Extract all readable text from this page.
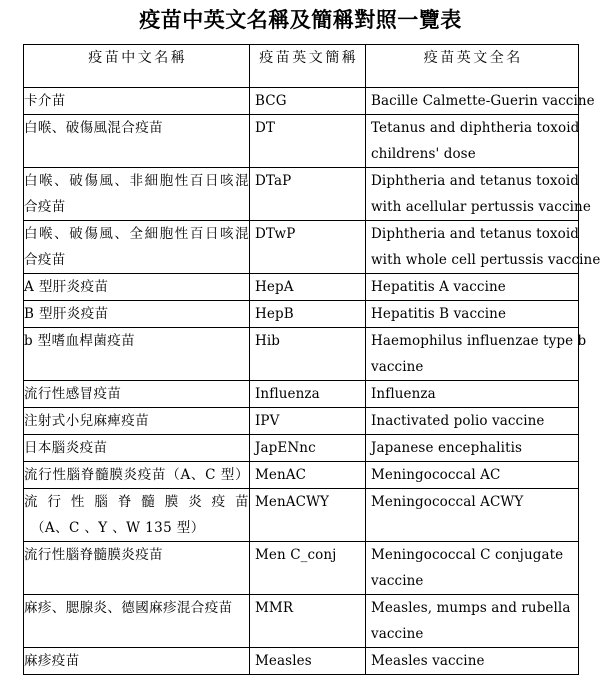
疫苗中英文名稱及簡稱對照一覽表
疫苗中文名稱	疫苗英文簡稱	疫苗英文全名

卡介苗	BCG	Bacille Calmette-Guerin vaccine

白喉、破傷風混合疫苗	DT	Tetanus and diphtheria toxoid
childrens' dose

白喉、破傷風、非細胞性百日咳混
合疫苗	DTaP	Diphtheria and tetanus toxoid
with acellular pertussis vaccine

白喉、破傷風、全細胞性百日咳混
合疫苗	DTwP	Diphtheria and tetanus toxoid
with whole cell pertussis vaccine

A 型肝炎疫苗	HepA	Hepatitis A vaccine

B 型肝炎疫苗	HepB	Hepatitis B vaccine

b 型嗜血桿菌疫苗	Hib	Haemophilus influenzae type b
vaccine

流行性感冒疫苗	Influenza	Influenza

注射式小兒麻痺疫苗	IPV	Inactivated polio vaccine

日本腦炎疫苗	JapENnc	Japanese encephalitis

流行性腦脊髓膜炎疫苗（A、C 型）	MenAC	Meningococcal AC

流行性腦脊髓膜炎疫苗
（A、C 、Y 、W 135 型）	MenACWY	Meningococcal ACWY

流行性腦脊髓膜炎疫苗	Men C_conj	Meningococcal C conjugate
vaccine

麻疹、腮腺炎、德國麻疹混合疫苗	MMR	Measles, mumps and rubella
vaccine

麻疹疫苗	Measles	Measles vaccine
